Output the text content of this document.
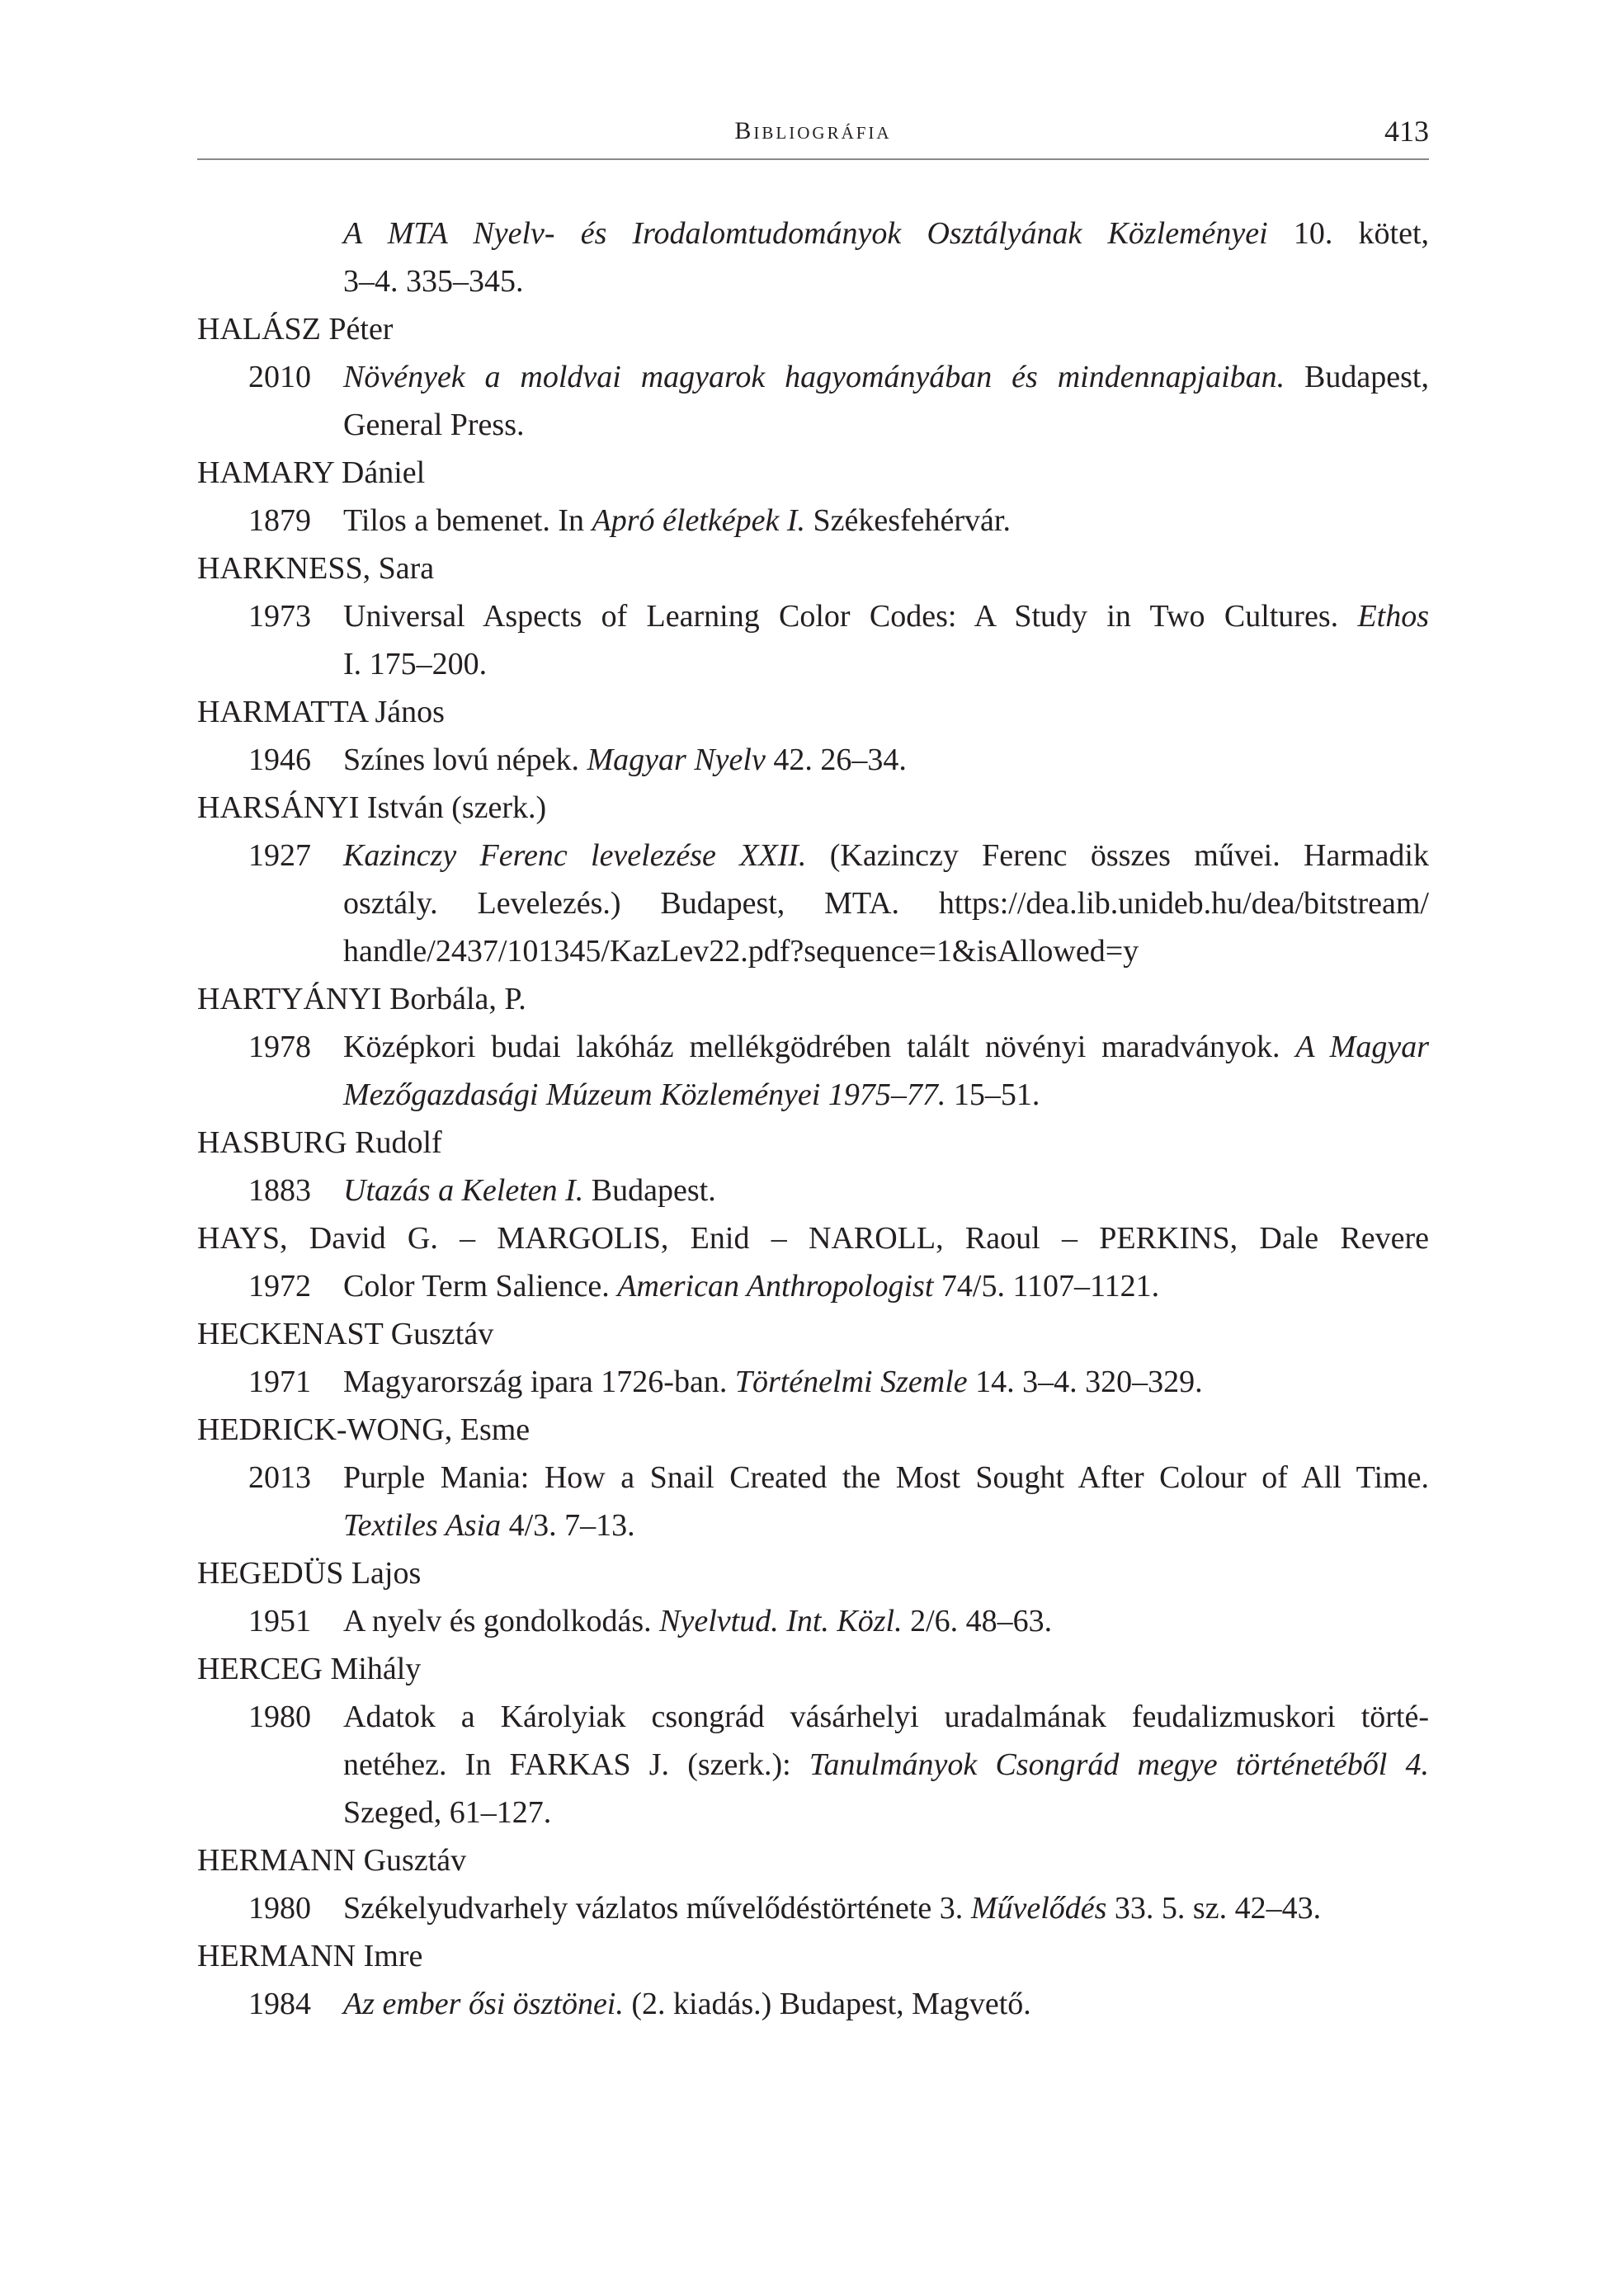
Bibliográfia	413
A MTA Nyelv- és Irodalomtudományok Osztályának Közleményei 10. kötet,
3–4. 335–345.
HALÁSZ Péter
2010 Növények a moldvai magyarok hagyományában és mindennapjaiban. Budapest,
General Press.
HAMARY Dániel
1879 Tilos a bemenet. In Apró életképek I. Székesfehérvár.
HARKNESS, Sara
1973 Universal Aspects of Learning Color Codes: A Study in Two Cultures. Ethos
I. 175–200.
HARMATTA János
1946 Színes lovú népek. Magyar Nyelv 42. 26–34.
HARSÁNYI István (szerk.)
1927 Kazinczy Ferenc levelezése XXII. (Kazinczy Ferenc összes művei. Harmadik
osztály. Levelezés.) Budapest, MTA. https://dea.lib.unideb.hu/dea/bitstream/
handle/2437/101345/KazLev22.pdf?sequence=1&isAllowed=y
HARTYÁNYI Borbála, P.
1978 Középkori budai lakóház mellékgödrében talált növényi maradványok. A Magyar
Mezőgazdasági Múzeum Közleményei 1975–77. 15–51.
HASBURG Rudolf
1883 Utazás a Keleten I. Budapest.
HAYS, David G. – MARGOLIS, Enid – NAROLL, Raoul – PERKINS, Dale Revere
1972 Color Term Salience. American Anthropologist 74/5. 1107–1121.
HECKENAST Gusztáv
1971 Magyarország ipara 1726-ban. Történelmi Szemle 14. 3–4. 320–329.
HEDRICK-WONG, Esme
2013 Purple Mania: How a Snail Created the Most Sought After Colour of All Time.
Textiles Asia 4/3. 7–13.
HEGEDÜS Lajos
1951 A nyelv és gondolkodás. Nyelvtud. Int. Közl. 2/6. 48–63.
HERCEG Mihály
1980 Adatok a Károlyiak csongrád vásárhelyi uradalmának feudalizmuskori törté-
netéhez. In FARKAS J. (szerk.): Tanulmányok Csongrád megye történetéből 4.
Szeged, 61–127.
HERMANN Gusztáv
1980 Székelyudvarhely vázlatos művelődéstörténete 3. Művelődés 33. 5. sz. 42–43.
HERMANN Imre
1984 Az ember ősi ösztönei. (2. kiadás.) Budapest, Magvető.
